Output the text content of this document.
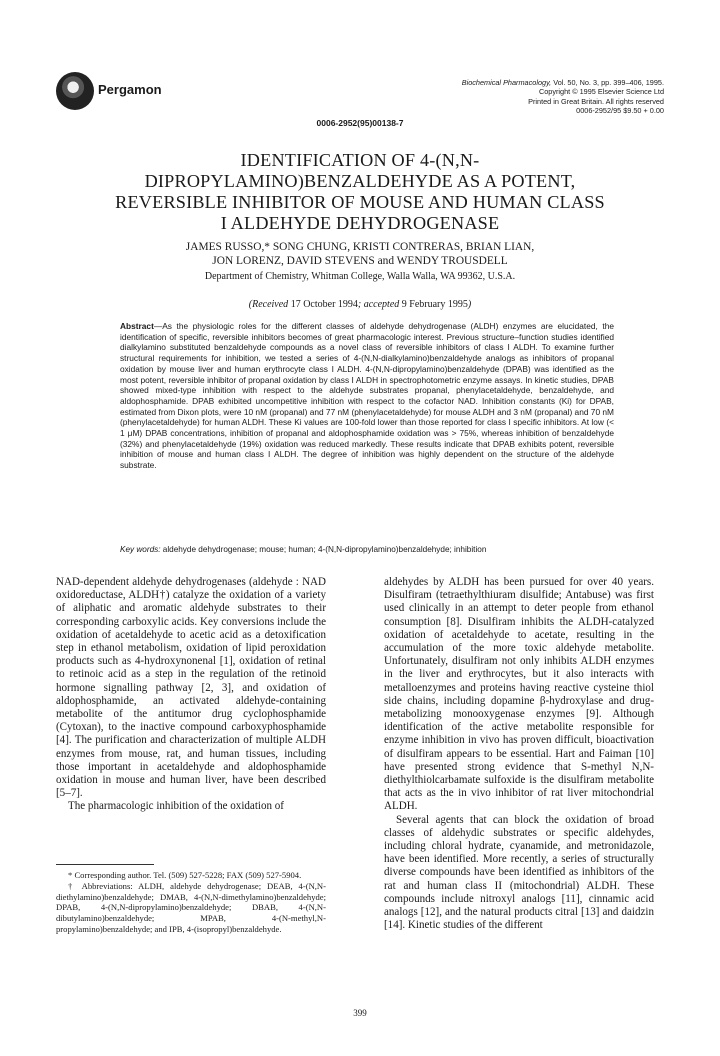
Pergamon	Biochemical Pharmacology, Vol. 50, No. 3, pp. 399–406, 1995.
Copyright © 1995 Elsevier Science Ltd
Printed in Great Britain. All rights reserved
0006-2952/95 $9.50 + 0.00
0006-2952(95)00138-7
IDENTIFICATION OF 4-(N,N-
DIPROPYLAMINO)BENZALDEHYDE AS A POTENT,
REVERSIBLE INHIBITOR OF MOUSE AND HUMAN CLASS
I ALDEHYDE DEHYDROGENASE
JAMES RUSSO,* SONG CHUNG, KRISTI CONTRERAS, BRIAN LIAN,
JON LORENZ, DAVID STEVENS and WENDY TROUSDELL
Department of Chemistry, Whitman College, Walla Walla, WA 99362, U.S.A.
(Received 17 October 1994; accepted 9 February 1995)
Abstract—As the physiologic roles for the different classes of aldehyde dehydrogenase (ALDH) enzymes are elucidated, the identification of specific, reversible inhibitors becomes of great pharmacologic interest. Previous structure–function studies identified dialkylamino substituted benzaldehyde compounds as a novel class of reversible inhibitors of class I ALDH. To examine further structural requirements for inhibition, we tested a series of 4-(N,N-dialkylamino)benzaldehyde analogs as inhibitors of propanal oxidation by mouse liver and human erythrocyte class I ALDH. 4-(N,N-dipropylamino)benzaldehyde (DPAB) was identified as the most potent, reversible inhibitor of propanal oxidation by class I ALDH in spectrophotometric enzyme assays. In kinetic studies, DPAB showed mixed-type inhibition with respect to the aldehyde substrates propanal, phenylacetaldehyde, benzaldehyde, and aldophosphamide. DPAB exhibited uncompetitive inhibition with respect to the cofactor NAD. Inhibition constants (Ki) for DPAB, estimated from Dixon plots, were 10 nM (propanal) and 77 nM (phenylacetaldehyde) for mouse ALDH and 3 nM (propanal) and 70 nM (phenylacetaldehyde) for human ALDH. These Ki values are 100-fold lower than those reported for class I specific inhibitors. At low (< 1 μM) DPAB concentrations, inhibition of propanal and aldophosphamide oxidation was > 75%, whereas inhibition of benzaldehyde (32%) and phenylacetaldehyde (19%) oxidation was reduced markedly. These results indicate that DPAB exhibits potent, reversible inhibition of mouse and human class I ALDH. The degree of inhibition was highly dependent on the structure of the aldehyde substrate.
Key words: aldehyde dehydrogenase; mouse; human; 4-(N,N-dipropylamino)benzaldehyde; inhibition

NAD-dependent aldehyde dehydrogenases (aldehyde : NAD oxidoreductase, ALDH†) catalyze the oxidation of a variety of aliphatic and aromatic aldehyde substrates to their corresponding carboxylic acids. Key conversions include the oxidation of acetaldehyde to acetic acid as a detoxification step in ethanol metabolism, oxidation of lipid peroxidation products such as 4-hydroxynonenal [1], oxidation of retinal to retinoic acid as a step in the regulation of the retinoid hormone signalling pathway [2, 3], and oxidation of aldophosphamide, an activated aldehyde-containing metabolite of the antitumor drug cyclophosphamide (Cytoxan), to the inactive compound carboxyphosphamide [4]. The purification and characterization of multiple ALDH enzymes from mouse, rat, and human tissues, including those important in acetaldehyde and aldophosphamide oxidation in mouse and human liver, have been described [5–7].

The pharmacologic inhibition of the oxidation of

aldehydes by ALDH has been pursued for over 40 years. Disulfiram (tetraethylthiuram disulfide; Antabuse) was first used clinically in an attempt to deter people from ethanol consumption [8]. Disulfiram inhibits the ALDH-catalyzed oxidation of acetaldehyde to acetate, resulting in the accumulation of the more toxic aldehyde metabolite. Unfortunately, disulfiram not only inhibits ALDH enzymes in the liver and erythrocytes, but it also interacts with metalloenzymes and proteins having reactive cysteine thiol side chains, including dopamine β-hydroxylase and drug-metabolizing monooxygenase enzymes [9]. Although identification of the active metabolite responsible for enzyme inhibition in vivo has proven difficult, bioactivation of disulfiram appears to be essential. Hart and Faiman [10] have presented strong evidence that S-methyl N,N-diethylthiolcarbamate sulfoxide is the disulfiram metabolite that acts as the in vivo inhibitor of rat liver mitochondrial ALDH.

Several agents that can block the oxidation of broad classes of aldehydic substrates or specific aldehydes, including chloral hydrate, cyanamide, and metronidazole, have been identified. More recently, a series of structurally diverse compounds have been identified as inhibitors of the rat and human class II (mitochondrial) ALDH. These compounds include nitroxyl analogs [11], cinnamic acid analogs [12], and the natural products citral [13] and daidzin [14]. Kinetic studies of the different

* Corresponding author. Tel. (509) 527-5228; FAX (509) 527-5904.

† Abbreviations: ALDH, aldehyde dehydrogenase; DEAB, 4-(N,N-diethylamino)benzaldehyde; DMAB, 4-(N,N-dimethylamino)benzaldehyde; DPAB, 4-(N,N-dipropylamino)benzaldehyde; DBAB, 4-(N,N-dibutylamino)benzaldehyde; MPAB, 4-(N-methyl,N-propylamino)benzaldehyde; and IPB, 4-(isopropyl)benzaldehyde.

399
